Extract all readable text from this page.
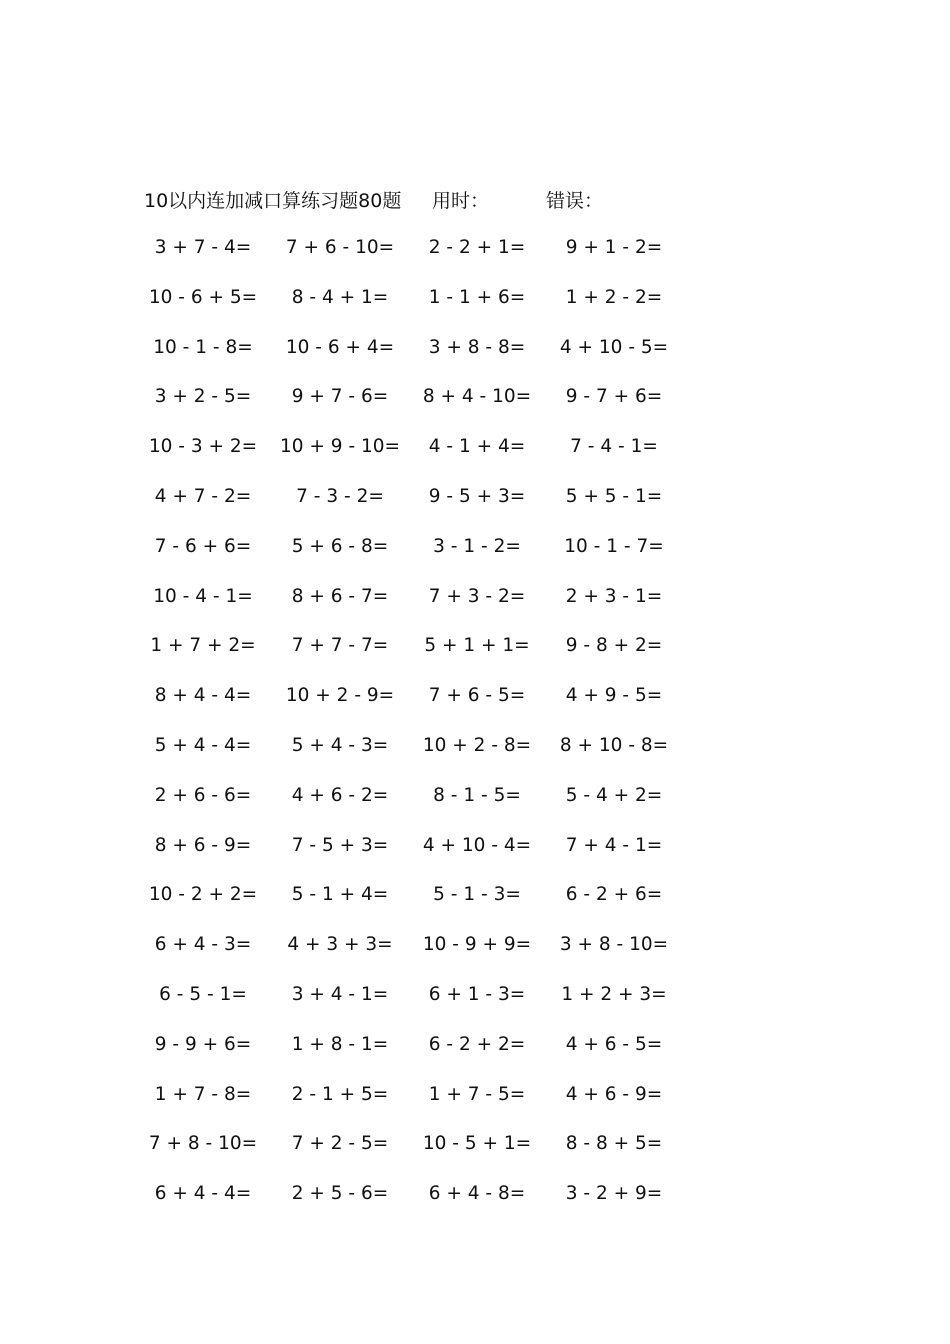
10以内连加减口算练习题80题 用时：	错误：
3 + 7 - 4=	7 + 6 - 10=	2 - 2 + 1=	9 + 1 - 2=
10 - 6 + 5=	8 - 4 + 1=	1 - 1 + 6=	1 + 2 - 2=
10 - 1 - 8=	10 - 6 + 4=	3 + 8 - 8=	4 + 10 - 5=
3 + 2 - 5=	9 + 7 - 6=	8 + 4 - 10=	9 - 7 + 6=
10 - 3 + 2=	10 + 9 - 10=	4 - 1 + 4=	7 - 4 - 1=
4 + 7 - 2=	7 - 3 - 2=	9 - 5 + 3=	5 + 5 - 1=
7 - 6 + 6=	5 + 6 - 8=	3 - 1 - 2=	10 - 1 - 7=
10 - 4 - 1=	8 + 6 - 7=	7 + 3 - 2=	2 + 3 - 1=
1 + 7 + 2=	7 + 7 - 7=	5 + 1 + 1=	9 - 8 + 2=
8 + 4 - 4=	10 + 2 - 9=	7 + 6 - 5=	4 + 9 - 5=
5 + 4 - 4=	5 + 4 - 3=	10 + 2 - 8=	8 + 10 - 8=
2 + 6 - 6=	4 + 6 - 2=	8 - 1 - 5=	5 - 4 + 2=
8 + 6 - 9=	7 - 5 + 3=	4 + 10 - 4=	7 + 4 - 1=
10 - 2 + 2=	5 - 1 + 4=	5 - 1 - 3=	6 - 2 + 6=
6 + 4 - 3=	4 + 3 + 3=	10 - 9 + 9=	3 + 8 - 10=
6 - 5 - 1=	3 + 4 - 1=	6 + 1 - 3=	1 + 2 + 3=
9 - 9 + 6=	1 + 8 - 1=	6 - 2 + 2=	4 + 6 - 5=
1 + 7 - 8=	2 - 1 + 5=	1 + 7 - 5=	4 + 6 - 9=
7 + 8 - 10=	7 + 2 - 5=	10 - 5 + 1=	8 - 8 + 5=
6 + 4 - 4=	2 + 5 - 6=	6 + 4 - 8=	3 - 2 + 9=
